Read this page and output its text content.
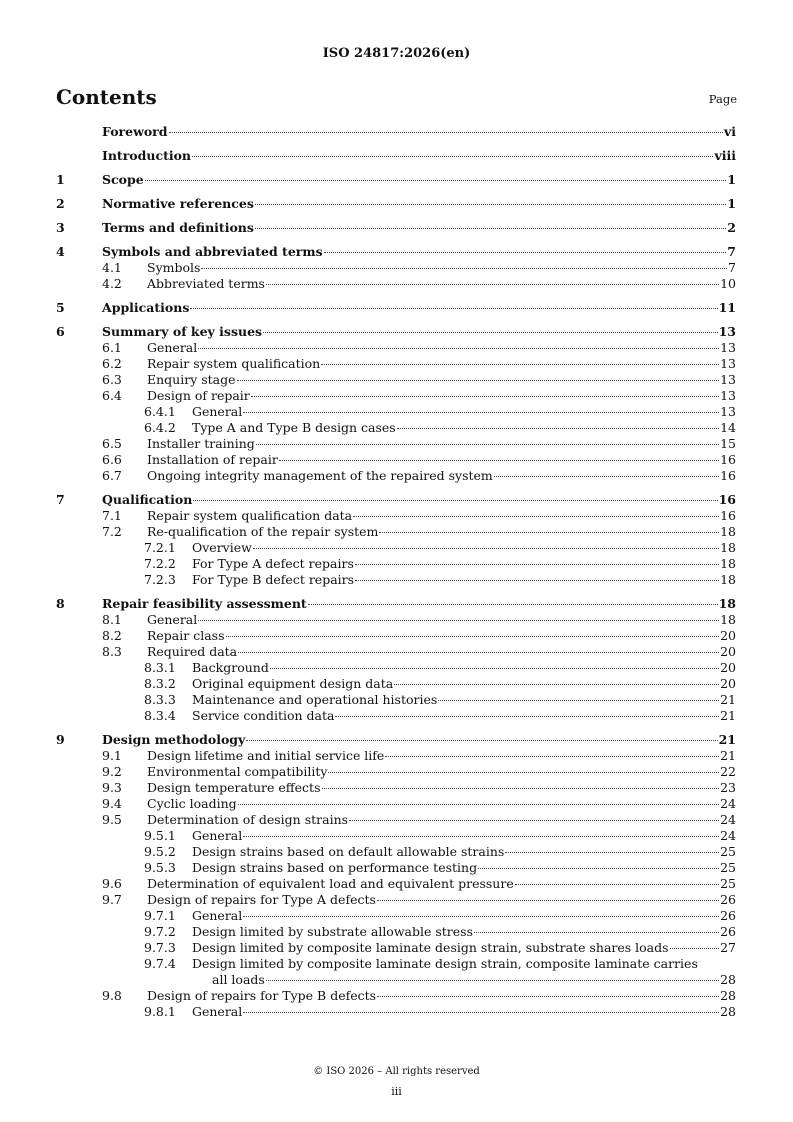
ISO 24817:2026(en)
Contents	Page
Foreword	vi
Introduction	viii
1	Scope	1
2	Normative references	1
3	Terms and definitions	2
4	Symbols and abbreviated terms	7
4.1 Symbols	7
4.2 Abbreviated terms	10
5	Applications	11
6	Summary of key issues	13
6.1 General	13
6.2 Repair system qualification	13
6.3 Enquiry stage	13
6.4 Design of repair	13
6.4.1 General	13
6.4.2 Type A and Type B design cases	14
6.5 Installer training	15
6.6 Installation of repair	16
6.7 Ongoing integrity management of the repaired system	16
7	Qualification	16
7.1 Repair system qualification data	16
7.2 Re-qualification of the repair system	18
7.2.1 Overview	18
7.2.2 For Type A defect repairs	18
7.2.3 For Type B defect repairs	18
8	Repair feasibility assessment	18
8.1 General	18
8.2 Repair class	20
8.3 Required data	20
8.3.1 Background	20
8.3.2 Original equipment design data	20
8.3.3 Maintenance and operational histories	21
8.3.4 Service condition data	21
9	Design methodology	21
9.1 Design lifetime and initial service life	21
9.2 Environmental compatibility	22
9.3 Design temperature effects	23
9.4 Cyclic loading	24
9.5 Determination of design strains	24
9.5.1 General	24
9.5.2 Design strains based on default allowable strains	25
9.5.3 Design strains based on performance testing	25
9.6 Determination of equivalent load and equivalent pressure	25
9.7 Design of repairs for Type A defects	26
9.7.1 General	26
9.7.2 Design limited by substrate allowable stress	26
9.7.3 Design limited by composite laminate design strain, substrate shares loads	27
9.7.4 Design limited by composite laminate design strain, composite laminate carries
all loads	28
9.8 Design of repairs for Type B defects	28
9.8.1 General	28
© ISO 2026 – All rights reserved
iii
